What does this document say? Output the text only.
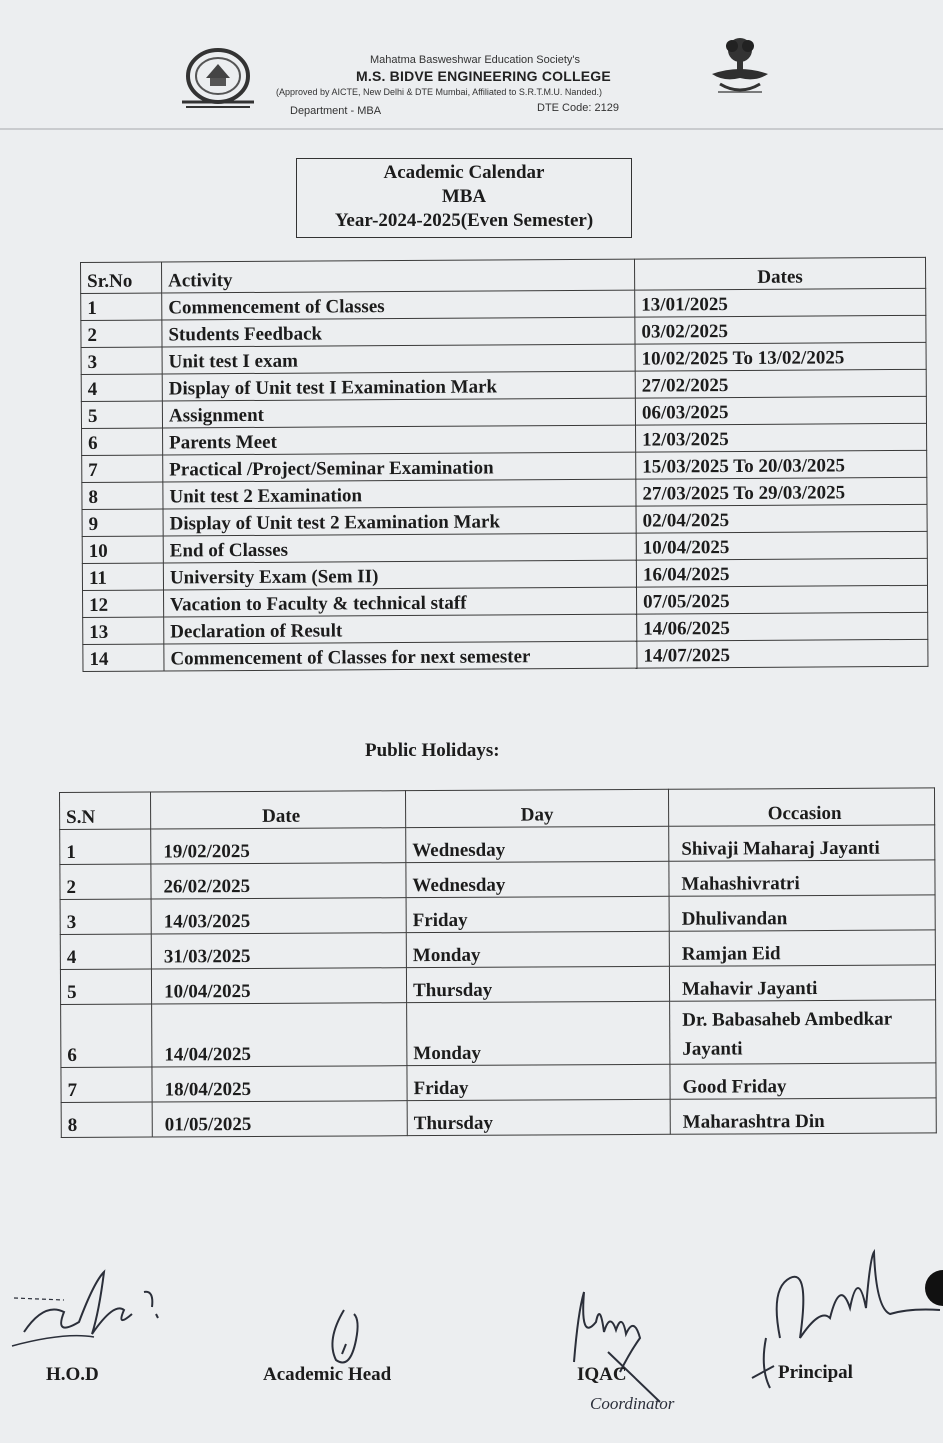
Mahatma Basweshwar Education Society's
M.S. BIDVE ENGINEERING COLLEGE
(Approved by AICTE, New Delhi & DTE Mumbai, Affiliated to S.R.T.M.U. Nanded.)
Department - MBA	DTE Code: 2129
Academic Calendar
MBA
Year-2024-2025(Even Semester)
Sr.No	Activity	Dates
1	Commencement of Classes	13/01/2025
2	Students Feedback	03/02/2025
3	Unit test I exam	10/02/2025 To 13/02/2025
4	Display of Unit test I Examination Mark	27/02/2025
5	Assignment	06/03/2025
6	Parents Meet	12/03/2025
7	Practical /Project/Seminar Examination	15/03/2025 To 20/03/2025
8	Unit test 2 Examination	27/03/2025 To 29/03/2025
9	Display of Unit test 2 Examination Mark	02/04/2025
10	End of Classes	10/04/2025
11	University Exam (Sem II)	16/04/2025
12	Vacation to Faculty & technical staff	07/05/2025
13	Declaration of Result	14/06/2025
14	Commencement of Classes for next semester	14/07/2025
Public Holidays:
S.N	Date	Day	Occasion
1	19/02/2025	Wednesday	Shivaji Maharaj Jayanti
2	26/02/2025	Wednesday	Mahashivratri
3	14/03/2025	Friday	Dhulivandan
4	31/03/2025	Monday	Ramjan Eid
5	10/04/2025	Thursday	Mahavir Jayanti
6	14/04/2025	Monday	Dr. Babasaheb Ambedkar Jayanti
7	18/04/2025	Friday	Good Friday
8	01/05/2025	Thursday	Maharashtra Din
H.O.D	Academic Head	IQAC
Coordinator
Principal
